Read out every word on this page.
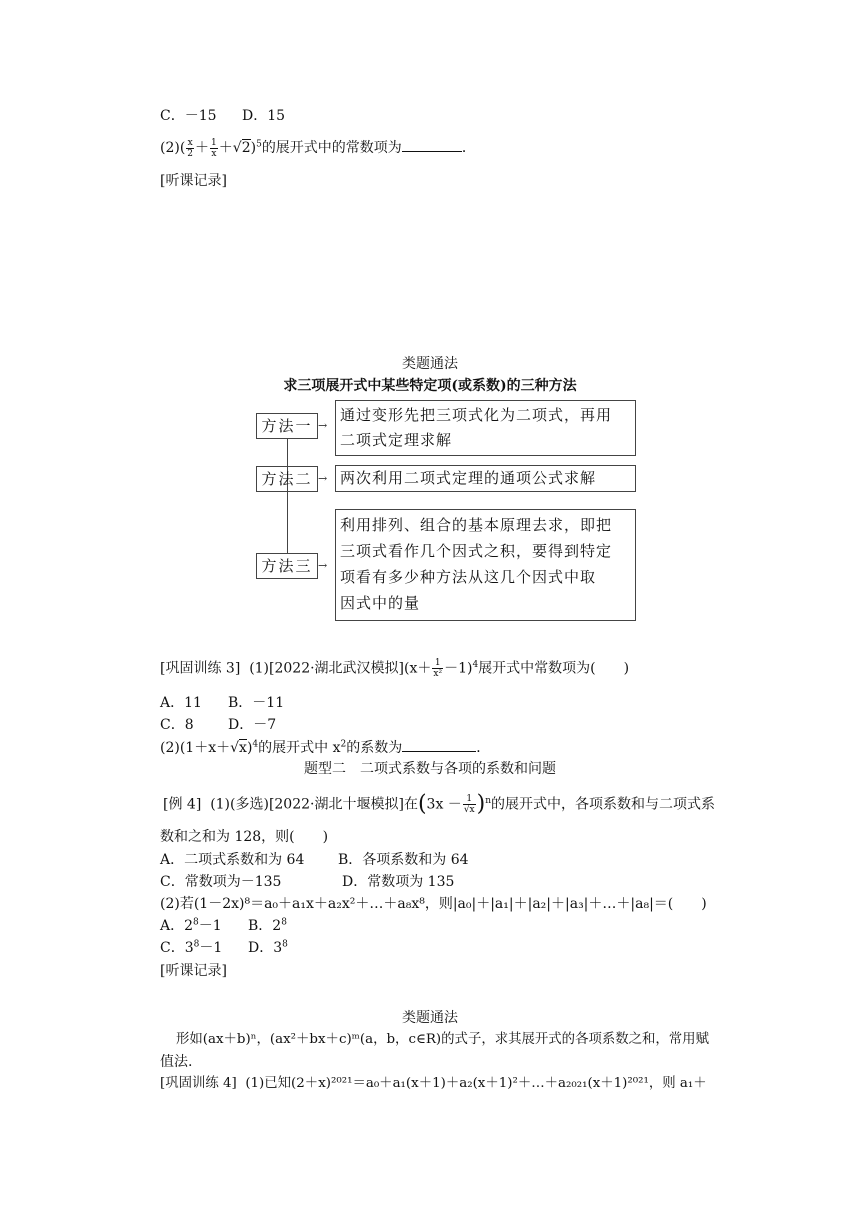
C．－15 D．15
$(2)( \frac{x}{2} + \frac{1}{x} +√2)^5$的展开式中的常数项为	．
[听课记录]
类题通法
求三项展开式中某些特定项(或系数)的三种方法
方法一 →
通过变形先把三项式化为二项式，再用
二项式定理求解
方法二 → 两次利用二项式定理的通项公式求解
方法三 →
利用排列、组合的基本原理去求，即把
三项式看作几个因式之积，要得到特定
项看有多少种方法从这几个因式中取
因式中的量
[巩固训练 3] (1)[2022·湖北武汉模拟]$(x+ \frac{1}{\text{x²}} -1)^4$展开式中常数项为(　　)
A．11 B．－11
C．8 D．－7
$(2)(1+x+√x)^4$的展开式中 $x^2$的系数为	．
题型二　二项式系数与各项的系数和问题
[例 4] (1)(多选)[2022·湖北十堰模拟]在$(3x - \frac{1}{√x} )^n$的展开式中，各项系数和与二项式系
数和之和为 128，则(　　)
A．二项式系数和为 64 B．各项系数和为 64
C．常数项为－135	D．常数项为 135
(2)若(1－2x)⁸＝a₀＋a₁x＋a₂x²＋…＋a₈x⁸，则|a₀|＋|a₁|＋|a₂|＋|a₃|＋…＋|a₈|＝(　　)
A．$2^8-1$ B．$2^8$
C．$3^8-1$ D．$3^8$
[听课记录]
类题通法
形如(ax＋b)ⁿ，(ax²＋bx＋c)ᵐ(a，b，c∈R)的式子，求其展开式的各项系数之和，常用赋
值法.
[巩固训练 4] (1)已知(2＋x)²⁰²¹＝a₀＋a₁(x＋1)＋a₂(x＋1)²＋…＋a₂₀₂₁(x＋1)²⁰²¹，则 a₁＋
